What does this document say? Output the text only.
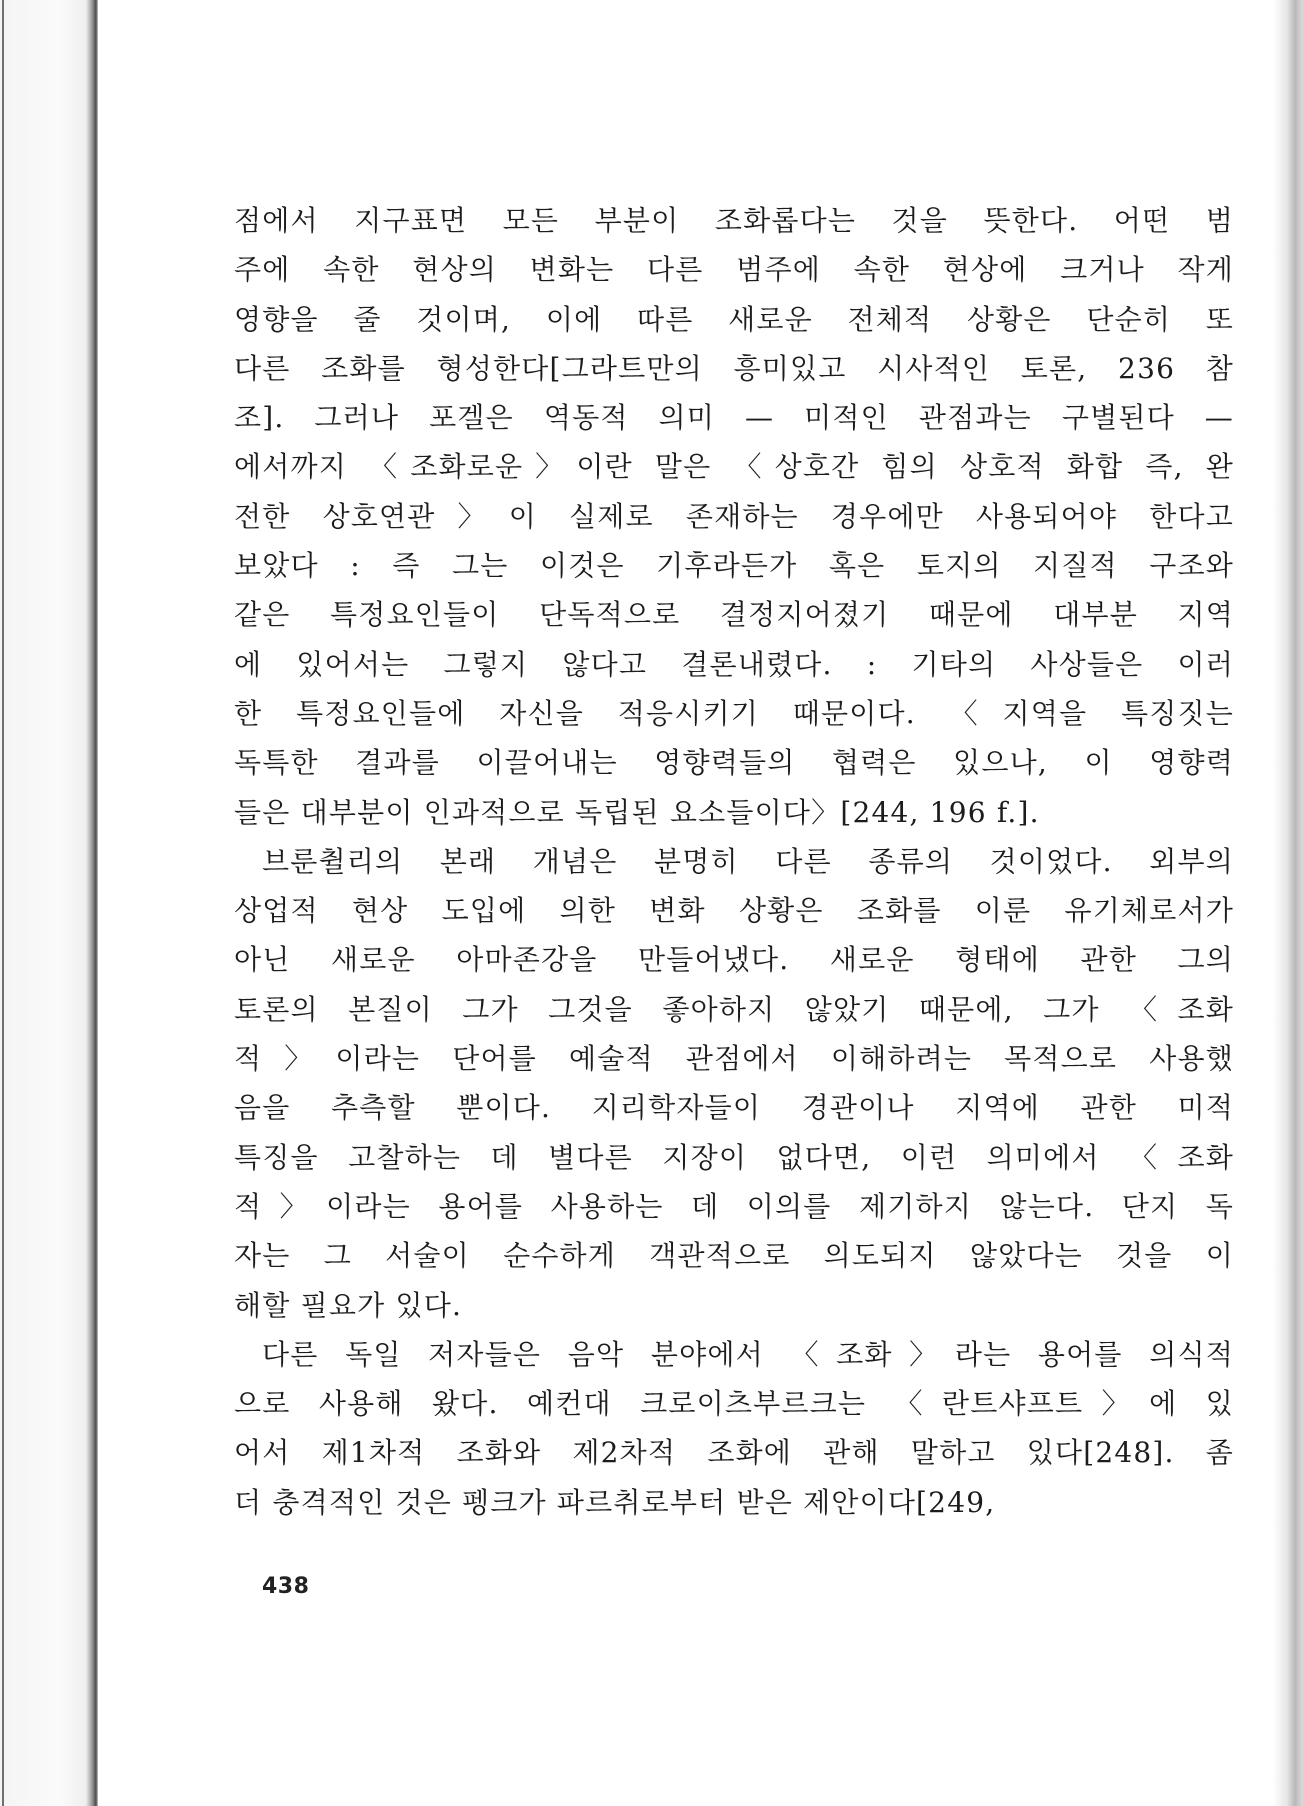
점에서 지구표면 모든 부분이 조화롭다는 것을 뜻한다. 어떤 범
주에 속한 현상의 변화는 다른 범주에 속한 현상에 크거나 작게
영향을 줄 것이며, 이에 따른 새로운 전체적 상황은 단순히 또
다른 조화를 형성한다[그라트만의 흥미있고 시사적인 토론, 236 참
조]. 그러나 포겔은 역동적 의미 — 미적인 관점과는 구별된다 —
에서까지 〈조화로운〉이란 말은 〈상호간 힘의 상호적 화합 즉, 완
전한 상호연관〉이 실제로 존재하는 경우에만 사용되어야 한다고
보았다 : 즉 그는 이것은 기후라든가 혹은 토지의 지질적 구조와
같은 특정요인들이 단독적으로 결정지어졌기 때문에 대부분 지역
에 있어서는 그렇지 않다고 결론내렸다. : 기타의 사상들은 이러
한 특정요인들에 자신을 적응시키기 때문이다. 〈지역을 특징짓는
독특한 결과를 이끌어내는 영향력들의 협력은 있으나, 이 영향력
들은 대부분이 인과적으로 독립된 요소들이다〉[244, 196 f.].
브룬췰리의 본래 개념은 분명히 다른 종류의 것이었다. 외부의
상업적 현상 도입에 의한 변화 상황은 조화를 이룬 유기체로서가
아닌 새로운 아마존강을 만들어냈다. 새로운 형태에 관한 그의
토론의 본질이 그가 그것을 좋아하지 않았기 때문에, 그가 〈조화
적〉이라는 단어를 예술적 관점에서 이해하려는 목적으로 사용했
음을 추측할 뿐이다. 지리학자들이 경관이나 지역에 관한 미적
특징을 고찰하는 데 별다른 지장이 없다면, 이런 의미에서 〈조화
적〉이라는 용어를 사용하는 데 이의를 제기하지 않는다. 단지 독
자는 그 서술이 순수하게 객관적으로 의도되지 않았다는 것을 이
해할 필요가 있다.
다른 독일 저자들은 음악 분야에서 〈조화〉라는 용어를 의식적
으로 사용해 왔다. 예컨대 크로이츠부르크는 〈란트샤프트〉에 있
어서 제1차적 조화와 제2차적 조화에 관해 말하고 있다[248]. 좀
더 충격적인 것은 펭크가 파르취로부터 받은 제안이다[249,
438
